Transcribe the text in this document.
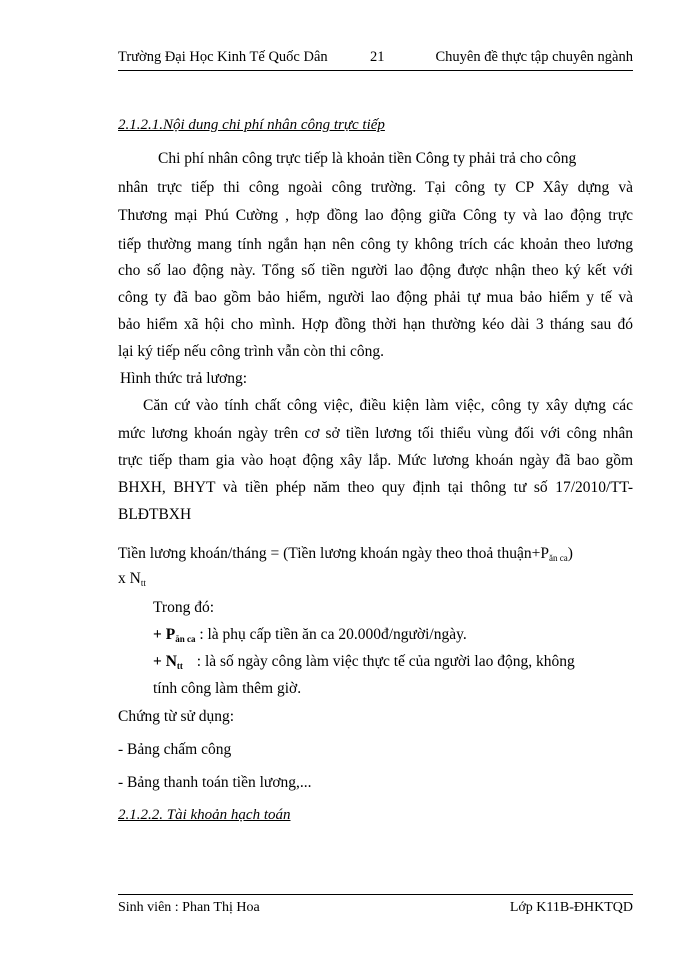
Trường Đại Học Kinh Tế Quốc Dân	21	Chuyên đề thực tập chuyên ngành
2.1.2.1.Nội dung chi phí nhân công trực tiếp
Chi phí nhân công trực tiếp là khoản tiền Công ty phải trả cho công
nhân trực tiếp thi công ngoài công trường. Tại công ty CP Xây dựng và
Thương mại Phú Cường , hợp đồng lao động giữa Công ty và lao động trực
tiếp thường mang tính ngắn hạn nên công ty không trích các khoản theo lương
cho số lao động này. Tổng số tiền người lao động được nhận theo ký kết với
công ty đã bao gồm bảo hiểm, người lao động phải tự mua bảo hiểm y tế và
bảo hiểm xã hội cho mình. Hợp đồng thời hạn thường kéo dài 3 tháng sau đó
lại ký tiếp nếu công trình vẫn còn thi công.
Hình thức trả lương:
Căn cứ vào tính chất công việc, điều kiện làm việc, công ty xây dựng các
mức lương khoán ngày trên cơ sở tiền lương tối thiểu vùng đối với công nhân
trực tiếp tham gia vào hoạt động xây lắp. Mức lương khoán ngày đã bao gồm
BHXH, BHYT và tiền phép năm theo quy định tại thông tư số 17/2010/TT-
BLĐTBXH
Tiền lương khoán/tháng = (Tiền lương khoán ngày theo thoả $thuận+P_{ăn ca}$)
x $N_{tt}$
Trong đó:
+ $P_{ăn ca}$ : là phụ cấp tiền ăn ca 20.000đ/người/ngày.
+ $N_{tt}$ : là số ngày công làm việc thực tế của người lao động, không
tính công làm thêm giờ.
Chứng từ sử dụng:
- Bảng chấm công
- Bảng thanh toán tiền lương,...
2.1.2.2. Tài khoản hạch toán
Sinh viên : Phan Thị Hoa	Lớp K11B-ĐHKTQD
